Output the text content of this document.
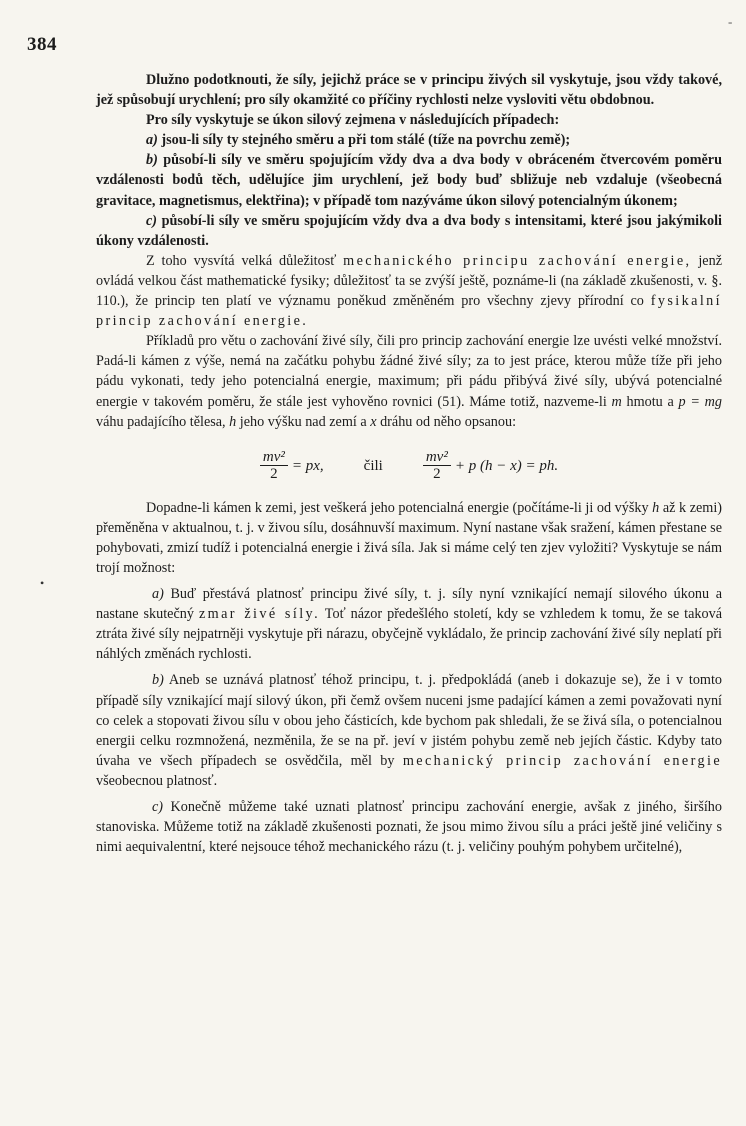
-
384
•

Dlužno podotknouti, že síly, jejichž práce se v principu živých sil vyskytuje, jsou vždy takové, jež spůsobují urychlení; pro síly okamžité co příčiny rychlosti nelze vysloviti větu obdobnou.

Pro síly vyskytuje se úkon silový zejmena v následujících případech:

a) jsou-li síly ty stejného směru a při tom stálé (tíže na povrchu země);

b) působí-li síly ve směru spojujícím vždy dva a dva body v obráceném čtvercovém poměru vzdálenosti bodů těch, udělujíce jim urychlení, jež body buď sbližuje neb vzdaluje (všeobecná gravitace, magnetismus, elektřina); v případě tom nazýváme úkon silový potencialným úkonem;

c) působí-li síly ve směru spojujícím vždy dva a dva body s intensitami, které jsou jakýmikoli úkony vzdálenosti.

Z toho vysvítá velká důležitosť mechanického principu zachování energie, jenž ovládá velkou část mathematické fysiky; důležitosť ta se zvýší ještě, poznáme-li (na základě zkušenosti, v. §. 110.), že princip ten platí ve významu poněkud změněném pro všechny zjevy přírodní co fysikalní princip zachování energie.

Příkladů pro větu o zachování živé síly, čili pro princip zachování energie lze uvésti velké množství. Padá-li kámen z výše, nemá na začátku pohybu žádné živé síly; za to jest práce, kterou může tíže při jeho pádu vykonati, tedy jeho potencialná energie, maximum; při pádu přibývá živé síly, ubývá potencialné energie v takovém poměru, že stále jest vyhověno rovnici (51). Máme totiž, nazveme-li m hmotu a p = mg váhu padajícího tělesa, h jeho výšku nad zemí a x dráhu od něho opsanou:

$\frac{\text{mv²}}{2}$ = px,	čili	$\frac{\text{mv²}}{2} + p$ (h − x) = ph.

Dopadne-li kámen k zemi, jest veškerá jeho potencialná energie (počítáme-li ji od výšky h až k zemi) přeměněna v aktualnou, t. j. v živou sílu, dosáhnuvší maximum. Nyní nastane však sražení, kámen přestane se pohybovati, zmizí tudíž i potencialná energie i živá síla. Jak si máme celý ten zjev vyložiti? Vyskytuje se nám trojí možnost:

a) Buď přestává platnosť principu živé síly, t. j. síly nyní vznikající nemají silového úkonu a nastane skutečný zmar živé síly. Toť názor předešlého století, kdy se vzhledem k tomu, že se taková ztráta živé síly nejpatrněji vyskytuje při nárazu, obyčejně vykládalo, že princip zachování živé síly neplatí při náhlých změnách rychlosti.

b) Aneb se uznává platnosť téhož principu, t. j. předpokládá (aneb i dokazuje se), že i v tomto případě síly vznikající mají silový úkon, při čemž ovšem nuceni jsme padající kámen a zemi považovati nyní co celek a stopovati živou sílu v obou jeho částicích, kde bychom pak shledali, že se živá síla, o potencialnou energii celku rozmnožená, nezměnila, že se na př. jeví v jistém pohybu země neb jejích částic. Kdyby tato úvaha ve všech případech se osvědčila, měl by mechanický princip zachování energie všeobecnou platnosť.

c) Konečně můžeme také uznati platnosť principu zachování energie, avšak z jiného, širšího stanoviska. Můžeme totiž na základě zkušenosti poznati, že jsou mimo živou sílu a práci ještě jiné veličiny s nimi aequivalentní, které nejsouce téhož mechanického rázu (t. j. veličiny pouhým pohybem určitelné),
